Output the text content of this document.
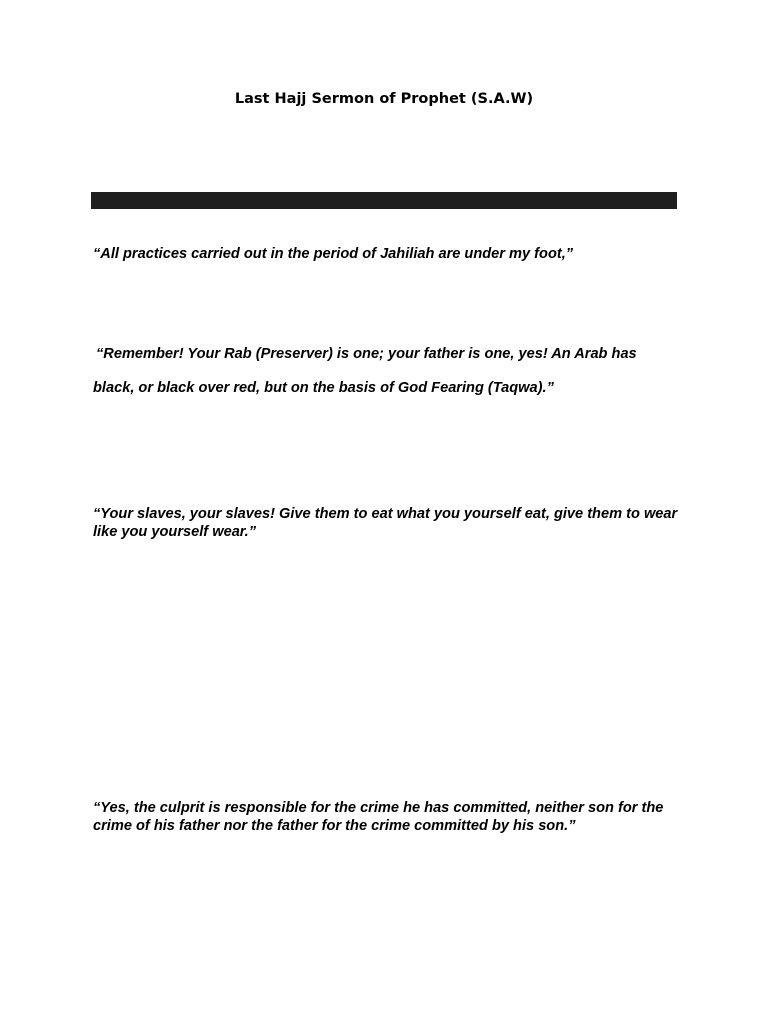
Last Hajj Sermon of Prophet (S.A.W)

“All practices carried out in the period of Jahiliah are under my foot,”

“Remember! Your Rab (Preserver) is one; your father is one, yes! An Arab has

black, or black over red, but on the basis of God Fearing (Taqwa).”

“Your slaves, your slaves! Give them to eat what you yourself eat, give them to wear like you yourself wear.”

“Yes, the culprit is responsible for the crime he has committed, neither son for the crime of his father nor the father for the crime committed by his son.”
